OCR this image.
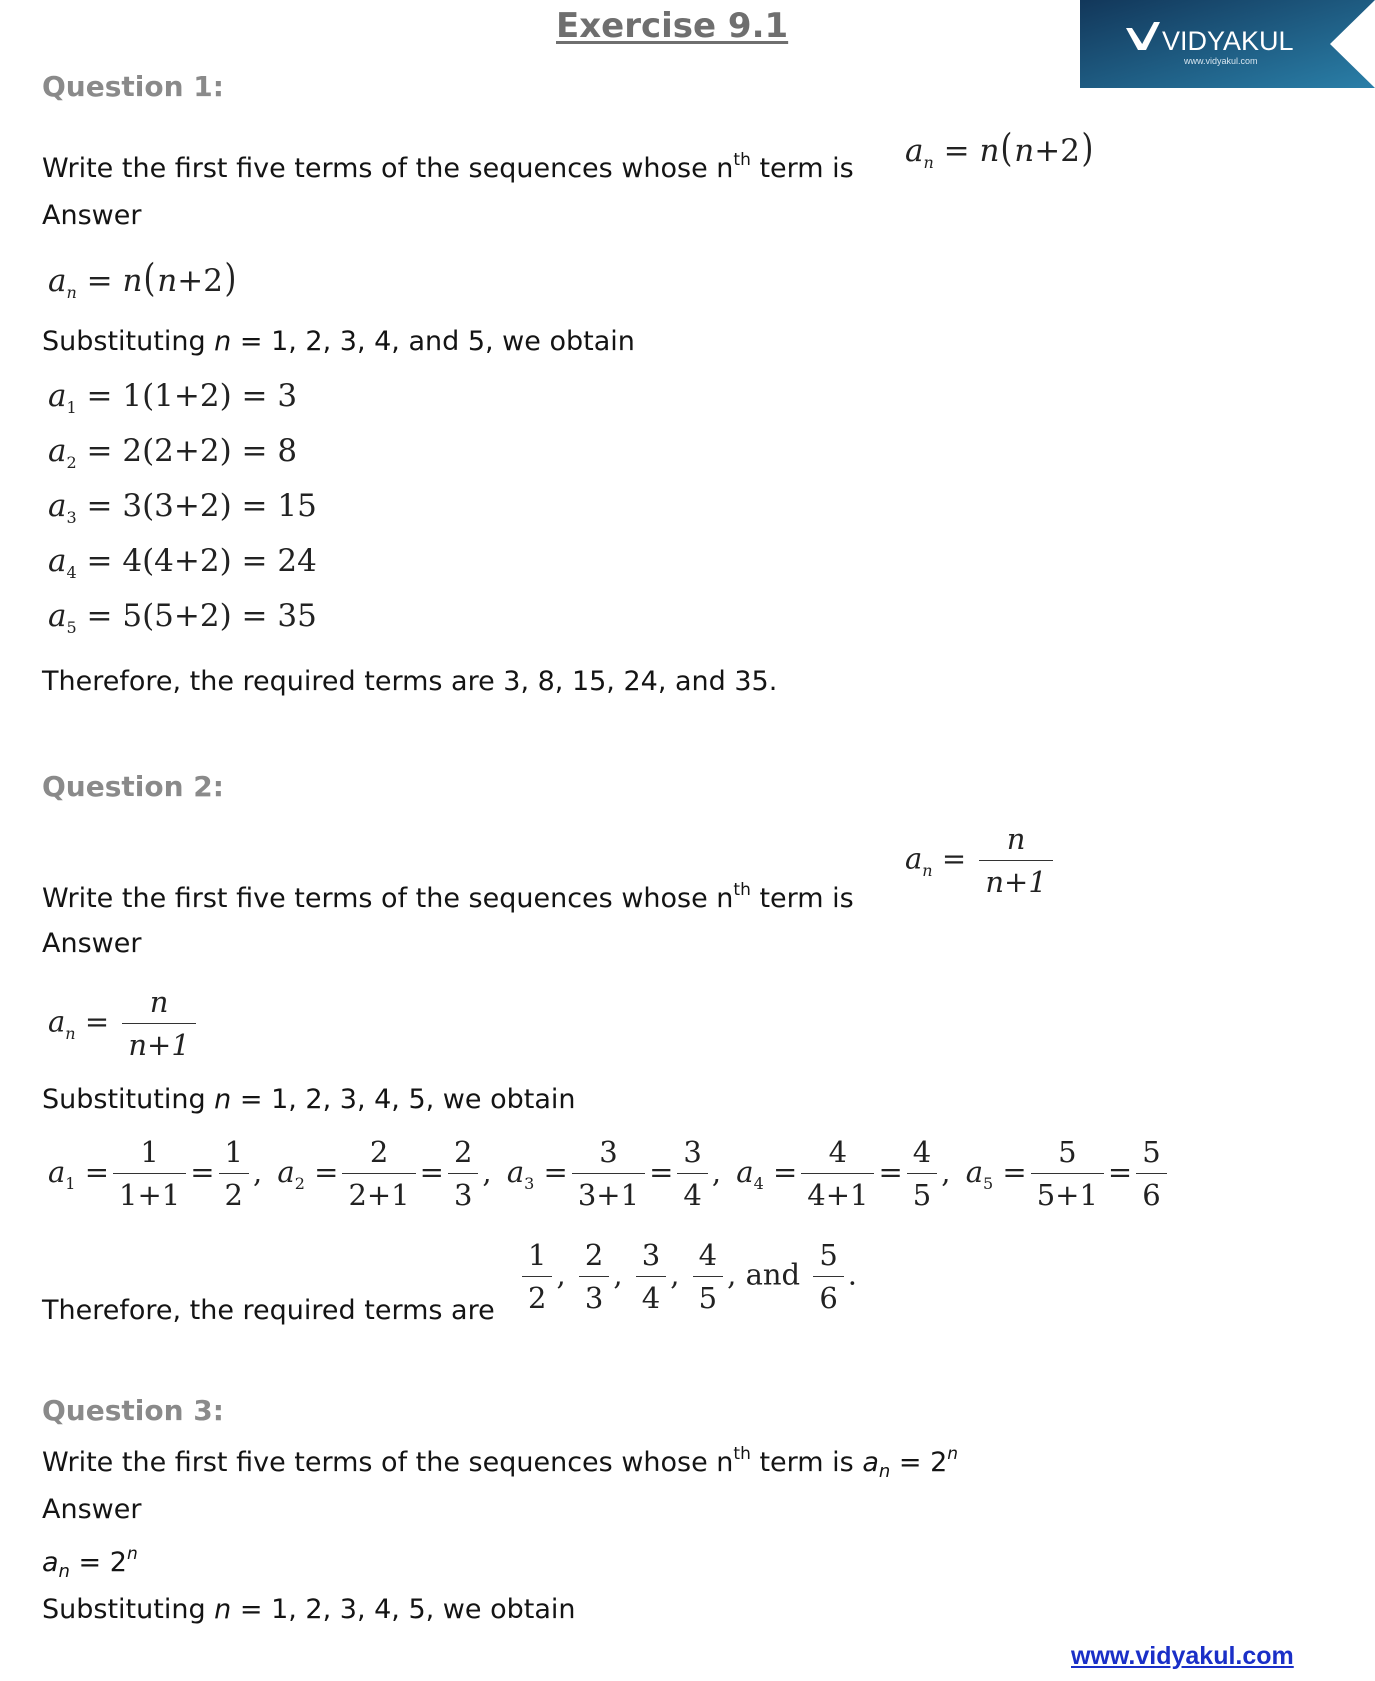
Exercise 9.1	VIDYAKUL
www.vidyakul.com
Question 1:
Write the first five terms of the sequences whose $n^{th}$ term is $a_n = n(n+2)$
Answer
$a_n = n(n+2)$
Substituting n = 1, 2, 3, 4, and 5, we obtain
$a_1 = 1(1+2) = 3$
$a_2 = 2(2+2) = 8$
$a_3 = 3(3+2) = 15$
$a_4 = 4(4+2) = 24$
$a_5 = 5(5+2) = 35$
Therefore, the required terms are 3, 8, 15, 24, and 35.
Question 2:
Write the first five terms of the sequences whose $n^{th}$ term is
$a_n = \frac{n}{n+1}$
Answer
$a_n = \frac{n}{n+1}$
Substituting n = 1, 2, 3, 4, 5, we obtain
$a_1 = \frac{1}{1+1} = \frac{1}{2}$ , $a_2 = \frac{2}{2+1} = \frac{2}{3}$ , $a_3 = \frac{3}{3+1} = \frac{3}{4}$ , $a_4 = \frac{4}{4+1} = \frac{4}{5}$ , $a_5 = \frac{5}{5+1} = \frac{5}{6}$
Therefore, the required terms are $\frac{1}{2}$ , $\frac{2}{3}$ , $\frac{3}{4}$ , $\frac{4}{5}$ , and $\frac{5}{6}$ .
Question 3:
Write the first five terms of the sequences whose $n^{th}$ term is $a_n = 2^n$
Answer
$a_n = 2^n$
Substituting n = 1, 2, 3, 4, 5, we obtain
www.vidyakul.com
